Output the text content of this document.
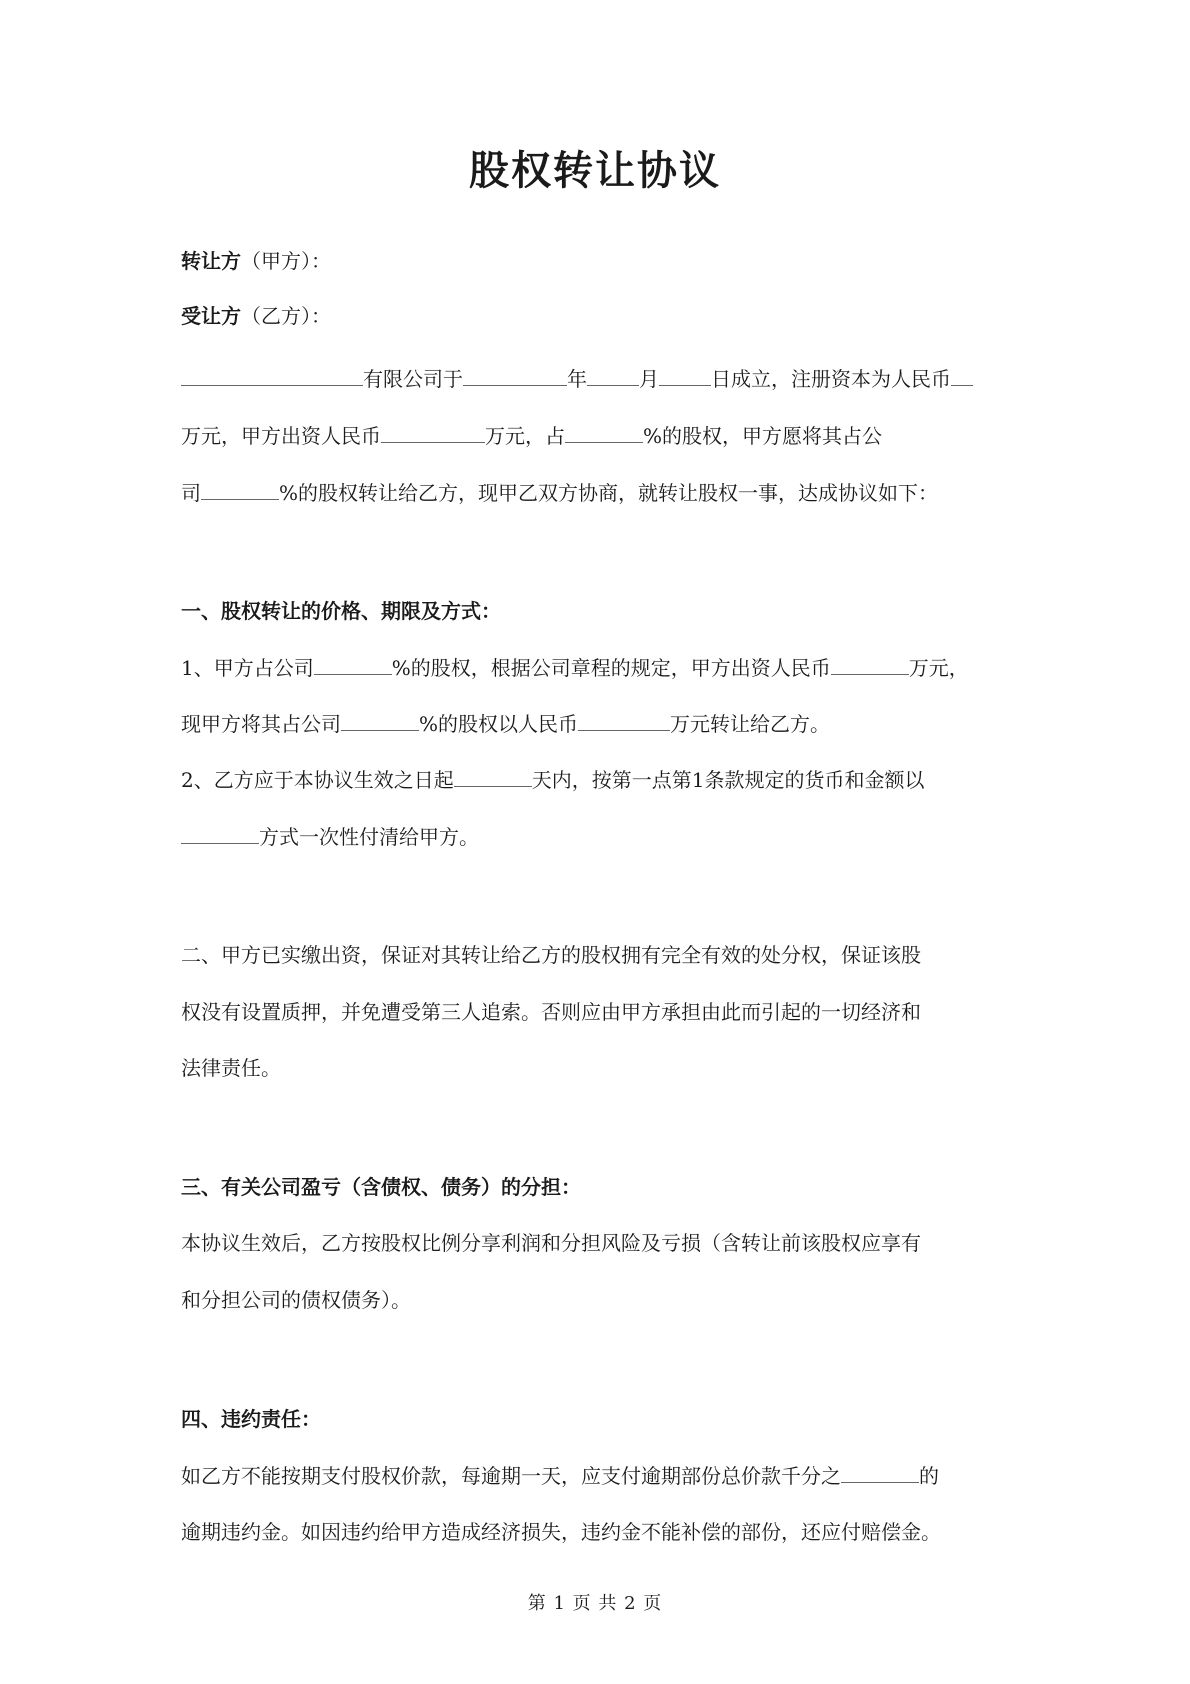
股权转让协议
转让方（甲方）：
受让方（乙方）：
有限公司于	年	月	日成立，注册资本为人民币
万元，甲方出资人民币	万元，占	%的股权，甲方愿将其占公
司	%的股权转让给乙方，现甲乙双方协商，就转让股权一事，达成协议如下：
一、股权转让的价格、期限及方式：
1、甲方占公司	%的股权，根据公司章程的规定，甲方出资人民币	万元，
现甲方将其占公司	%的股权以人民币	万元转让给乙方。
2、乙方应于本协议生效之日起	天内，按第一点第1条款规定的货币和金额以
方式一次性付清给甲方。
二、甲方已实缴出资，保证对其转让给乙方的股权拥有完全有效的处分权，保证该股
权没有设置质押，并免遭受第三人追索。否则应由甲方承担由此而引起的一切经济和
法律责任。
三、有关公司盈亏（含债权、债务）的分担：
本协议生效后，乙方按股权比例分享利润和分担风险及亏损（含转让前该股权应享有
和分担公司的债权债务）。
四、违约责任：
如乙方不能按期支付股权价款，每逾期一天，应支付逾期部份总价款千分之	的
逾期违约金。如因违约给甲方造成经济损失，违约金不能补偿的部份，还应付赔偿金。
第 1 页 共 2 页
